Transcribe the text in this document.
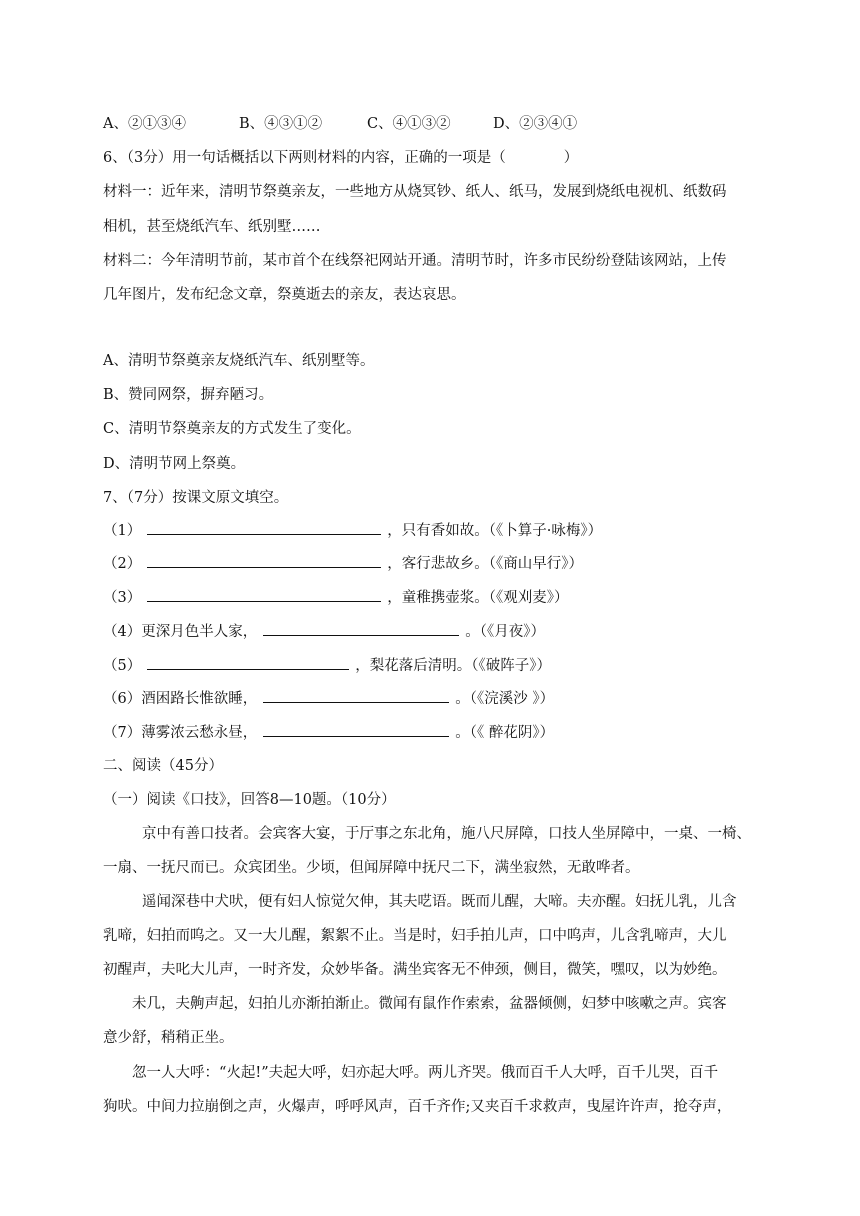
A、②①③④	B、④③①②	C、④①③②	D、②③④①
6、（3分）用一句话概括以下两则材料的内容，正确的一项是（　　　　）
材料一：近年来，清明节祭奠亲友，一些地方从烧冥钞、纸人、纸马，发展到烧纸电视机、纸数码
相机，甚至烧纸汽车、纸别墅……
材料二：今年清明节前，某市首个在线祭祀网站开通。清明节时，许多市民纷纷登陆该网站，上传
几年图片，发布纪念文章，祭奠逝去的亲友，表达哀思。
A、清明节祭奠亲友烧纸汽车、纸别墅等。
B、赞同网祭，摒弃陋习。
C、清明节祭奠亲友的方式发生了变化。
D、清明节网上祭奠。
7、（7分）按课文原文填空。
（1）	，只有香如故。（《卜算子·咏梅》）
（2）	，客行悲故乡。（《商山早行》）
（3）	，童稚携壶浆。（《观刈麦》）
（4）更深月色半人家，	。（《月夜》）
（5）	，梨花落后清明。（《破阵子》）
（6）酒困路长惟欲睡，	。（《浣溪沙 》）
（7）薄雾浓云愁永昼，	。（《 醉花阴》）
二、阅读（45分）
（一）阅读《口技》，回答8—10题。（10分）
京中有善口技者。会宾客大宴，于厅事之东北角，施八尺屏障，口技人坐屏障中，一桌、一椅、
一扇、一抚尺而已。众宾团坐。少顷，但闻屏障中抚尺二下，满坐寂然，无敢哗者。
遥闻深巷中犬吠，便有妇人惊觉欠伸，其夫呓语。既而儿醒，大啼。夫亦醒。妇抚儿乳，儿含
乳啼，妇拍而呜之。又一大儿醒，絮絮不止。当是时，妇手拍儿声，口中呜声，儿含乳啼声，大儿
初醒声，夫叱大儿声，一时齐发，众妙毕备。满坐宾客无不伸颈，侧目，微笑，嘿叹，以为妙绝。
未几，夫齁声起，妇拍儿亦渐拍渐止。微闻有鼠作作索索，盆器倾侧，妇梦中咳嗽之声。宾客
意少舒，稍稍正坐。
忽一人大呼：“火起!”夫起大呼，妇亦起大呼。两儿齐哭。俄而百千人大呼，百千儿哭，百千
狗吠。中间力拉崩倒之声，火爆声，呼呼风声，百千齐作;又夹百千求救声，曳屋许许声，抢夺声，
